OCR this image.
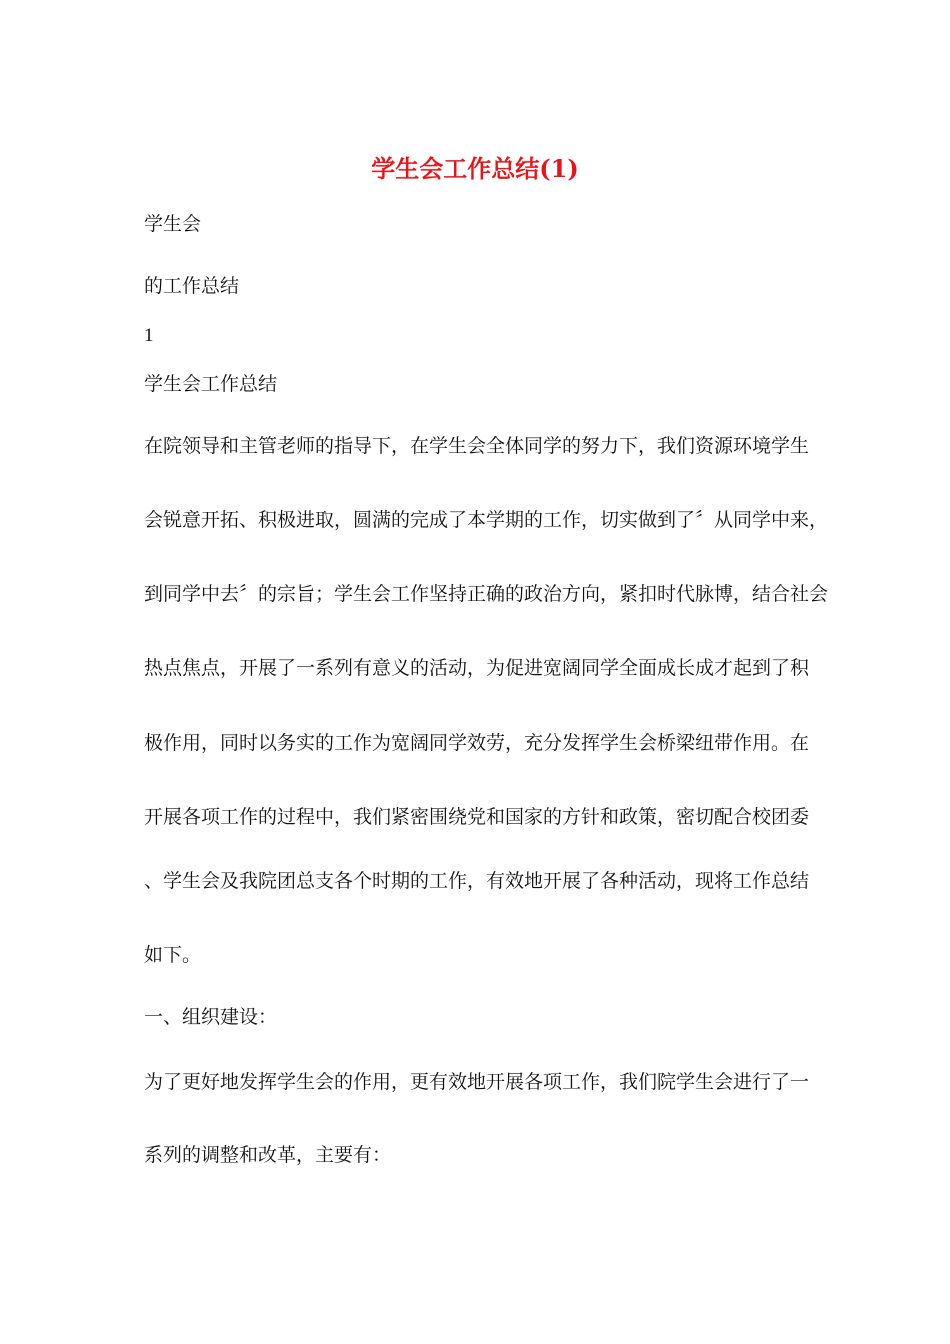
学生会工作总结(1)
学生会
的工作总结
1
学生会工作总结
在院领导和主管老师的指导下，在学生会全体同学的努力下，我们资源环境学生
会锐意开拓、积极进取，圆满的完成了本学期的工作，切实做到了〞从同学中来，
到同学中去〞的宗旨；学生会工作坚持正确的政治方向，紧扣时代脉博，结合社会
热点焦点，开展了一系列有意义的活动，为促进宽阔同学全面成长成才起到了积
极作用，同时以务实的工作为宽阔同学效劳，充分发挥学生会桥梁纽带作用。在
开展各项工作的过程中，我们紧密围绕党和国家的方针和政策，密切配合校团委
、学生会及我院团总支各个时期的工作，有效地开展了各种活动，现将工作总结
如下。
一、组织建设：
为了更好地发挥学生会的作用，更有效地开展各项工作，我们院学生会进行了一
系列的调整和改革，主要有：
